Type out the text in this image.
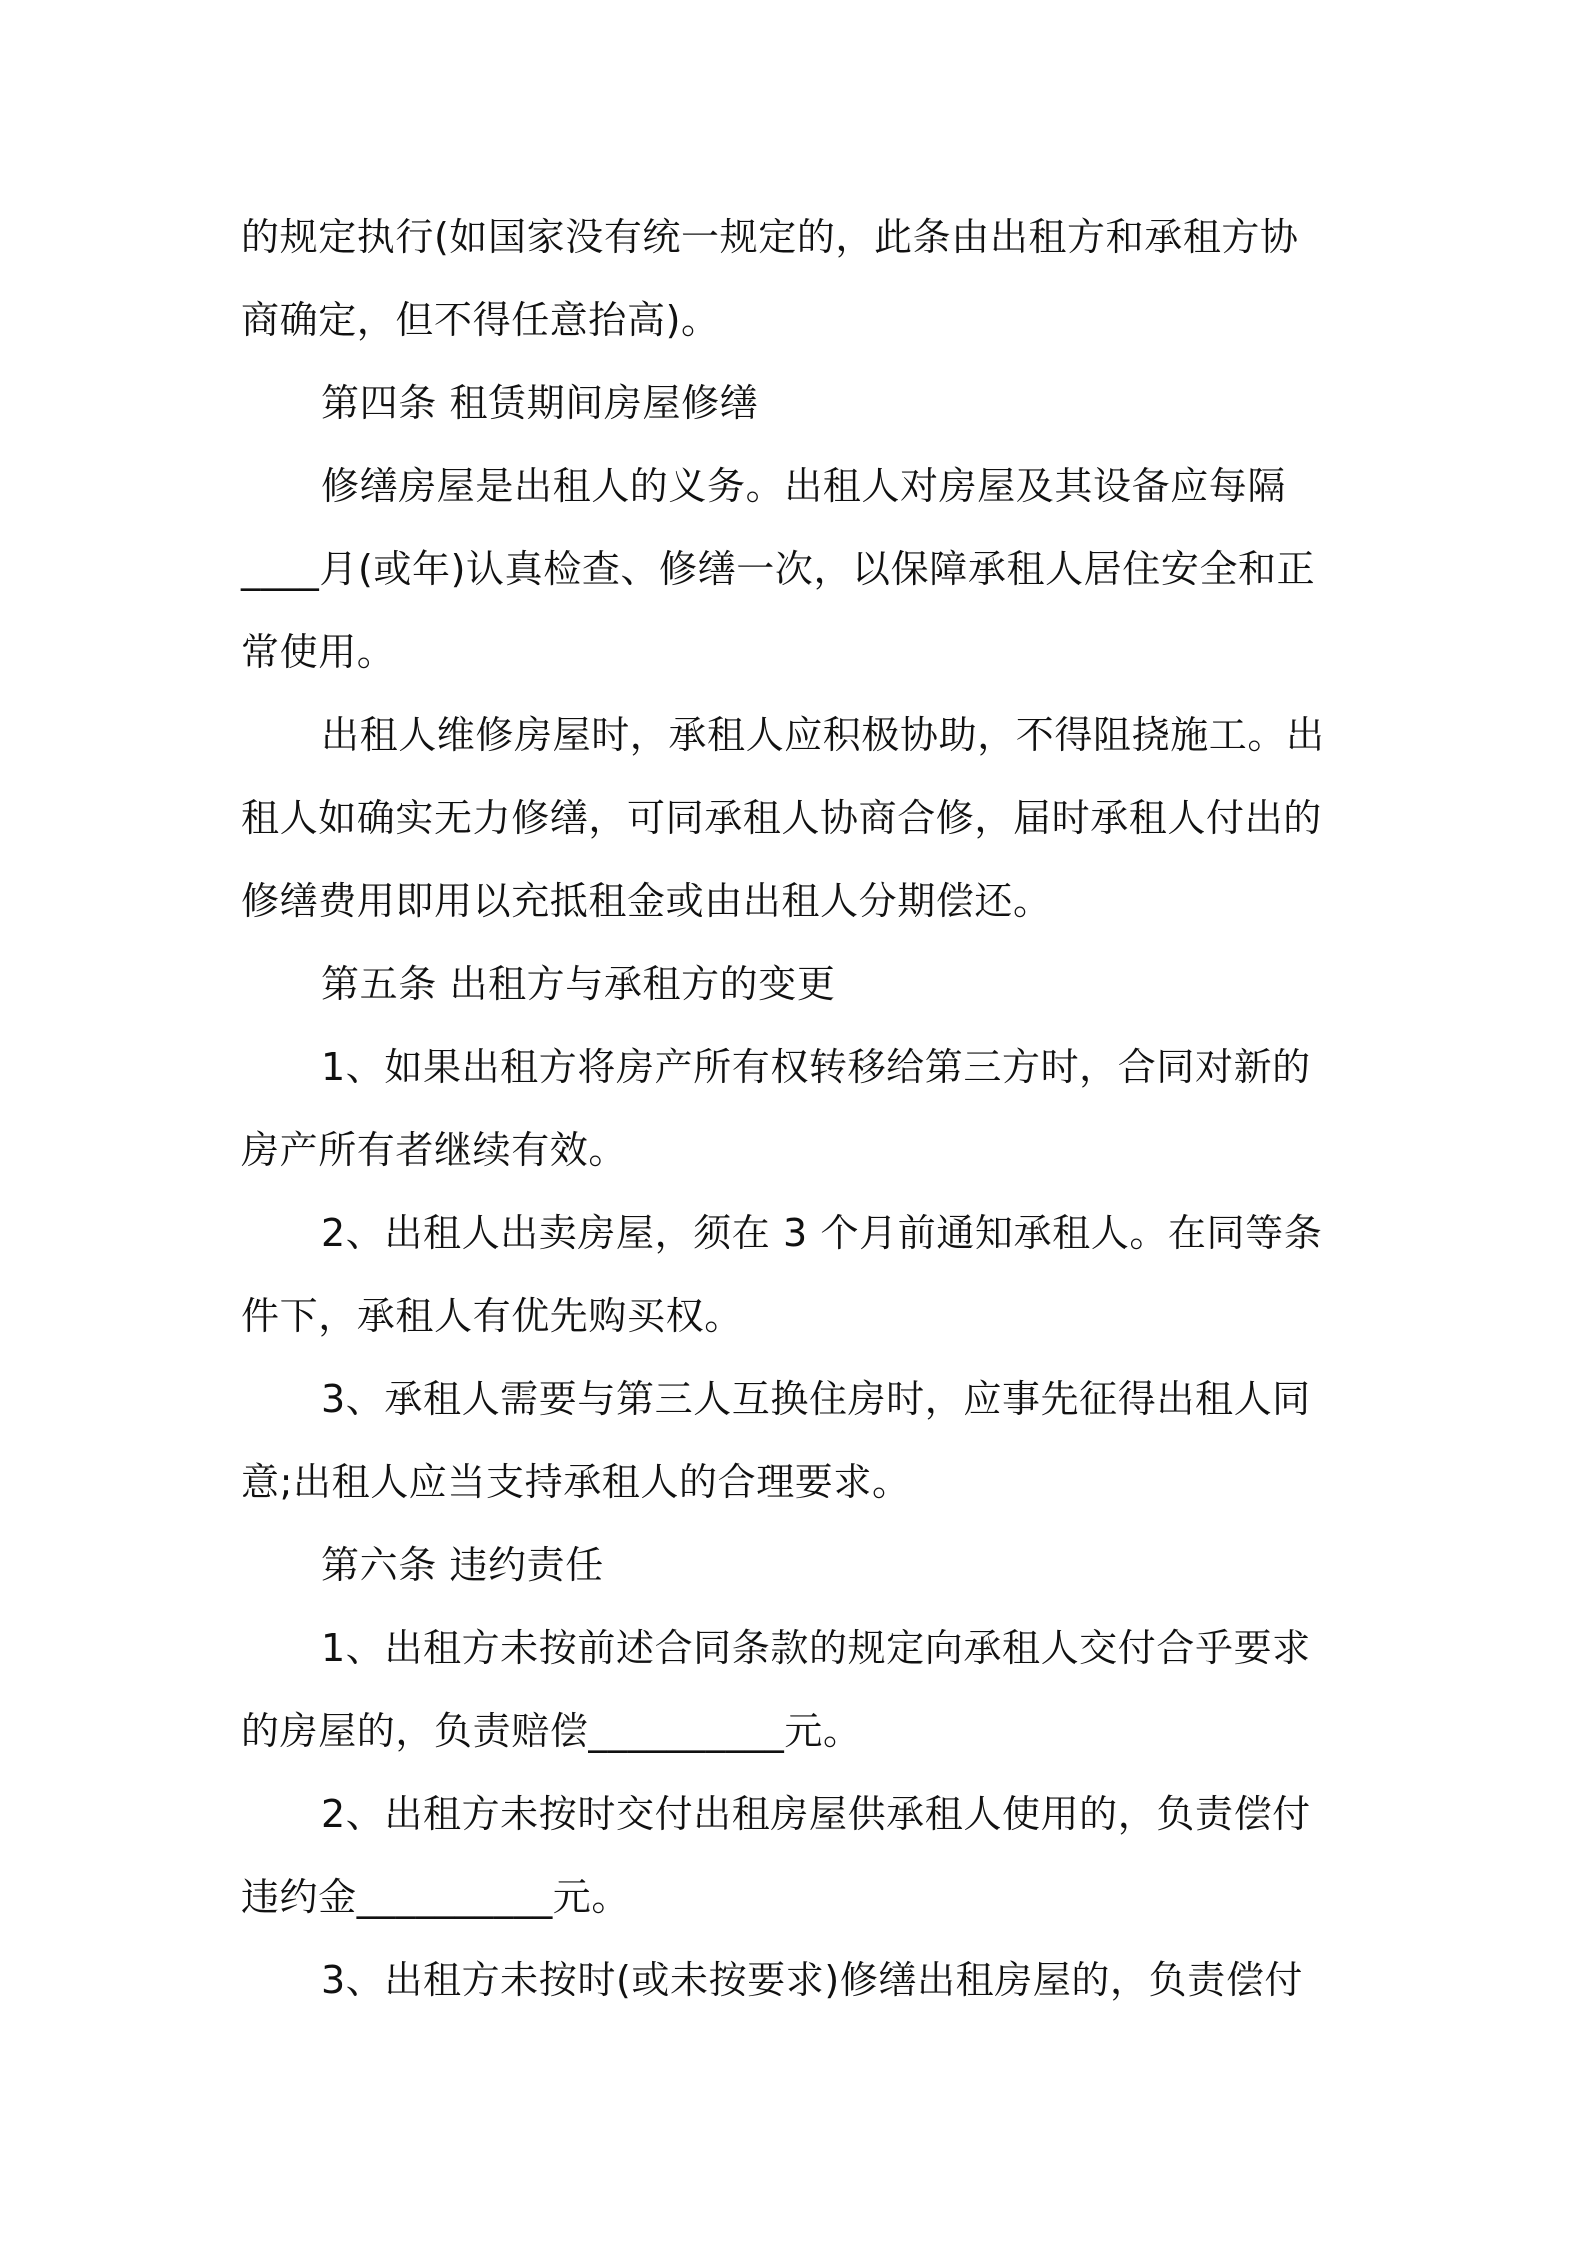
的规定执行(如国家没有统一规定的，此条由出租方和承租方协
商确定，但不得任意抬高)。
第四条 租赁期间房屋修缮
修缮房屋是出租人的义务。出租人对房屋及其设备应每隔
____月(或年)认真检查、修缮一次，以保障承租人居住安全和正
常使用。
出租人维修房屋时，承租人应积极协助，不得阻挠施工。出
租人如确实无力修缮，可同承租人协商合修，届时承租人付出的
修缮费用即用以充抵租金或由出租人分期偿还。
第五条 出租方与承租方的变更
1、如果出租方将房产所有权转移给第三方时，合同对新的
房产所有者继续有效。
2、出租人出卖房屋，须在 3 个月前通知承租人。在同等条
件下，承租人有优先购买权。
3、承租人需要与第三人互换住房时，应事先征得出租人同
意;出租人应当支持承租人的合理要求。
第六条 违约责任
1、出租方未按前述合同条款的规定向承租人交付合乎要求
的房屋的，负责赔偿__________元。
2、出租方未按时交付出租房屋供承租人使用的，负责偿付
违约金__________元。
3、出租方未按时(或未按要求)修缮出租房屋的，负责偿付
